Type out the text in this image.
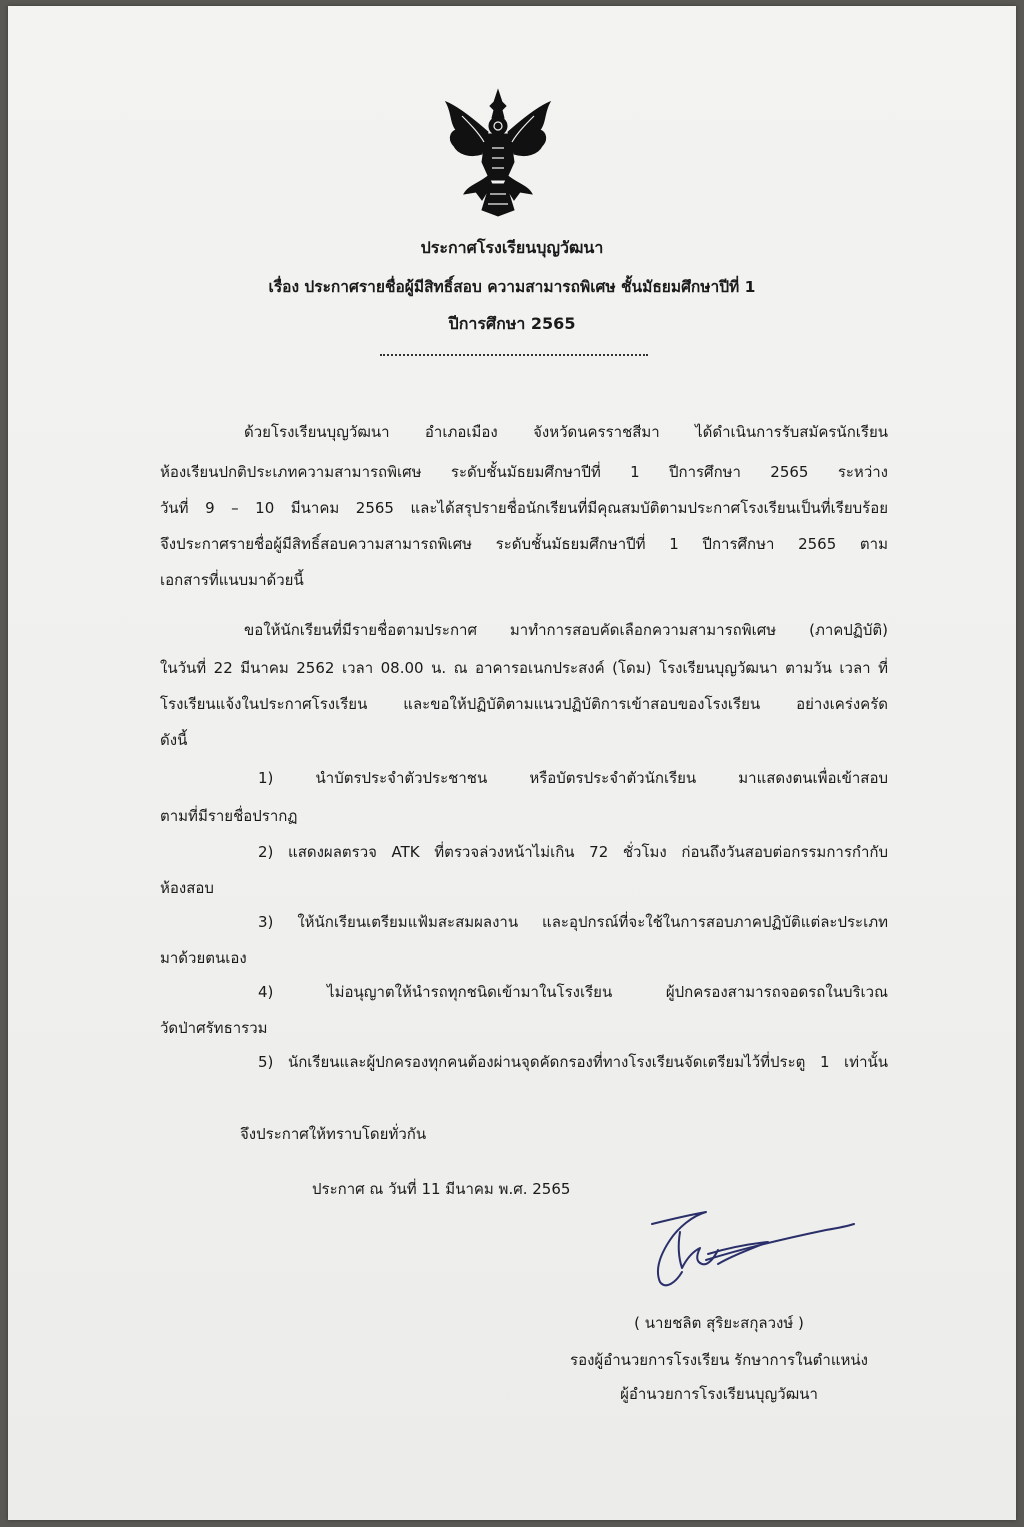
ประกาศโรงเรียนบุญวัฒนา
เรื่อง ประกาศรายชื่อผู้มีสิทธิ์สอบ ความสามารถพิเศษ ชั้นมัธยมศึกษาปีที่ 1
ปีการศึกษา 2565
ด้วยโรงเรียนบุญวัฒนา อำเภอเมือง จังหวัดนครราชสีมา ได้ดำเนินการรับสมัครนักเรียน
ห้องเรียนปกติประเภทความสามารถพิเศษ ระดับชั้นมัธยมศึกษาปีที่ 1 ปีการศึกษา 2565 ระหว่าง
วันที่ 9 – 10 มีนาคม 2565 และได้สรุปรายชื่อนักเรียนที่มีคุณสมบัติตามประกาศโรงเรียนเป็นที่เรียบร้อย
จึงประกาศรายชื่อผู้มีสิทธิ์สอบความสามารถพิเศษ ระดับชั้นมัธยมศึกษาปีที่ 1 ปีการศึกษา 2565 ตาม
เอกสารที่แนบมาด้วยนี้
ขอให้นักเรียนที่มีรายชื่อตามประกาศ มาทำการสอบคัดเลือกความสามารถพิเศษ (ภาคปฏิบัติ)
ในวันที่ 22 มีนาคม 2562 เวลา 08.00 น. ณ อาคารอเนกประสงค์ (โดม) โรงเรียนบุญวัฒนา ตามวัน เวลา ที่
โรงเรียนแจ้งในประกาศโรงเรียน และขอให้ปฏิบัติตามแนวปฏิบัติการเข้าสอบของโรงเรียน อย่างเคร่งครัด
ดังนี้
1) นำบัตรประจำตัวประชาชน หรือบัตรประจำตัวนักเรียน มาแสดงตนเพื่อเข้าสอบ
ตามที่มีรายชื่อปรากฏ
2) แสดงผลตรวจ ATK ที่ตรวจล่วงหน้าไม่เกิน 72 ชั่วโมง ก่อนถึงวันสอบต่อกรรมการกำกับ
ห้องสอบ
3) ให้นักเรียนเตรียมแฟ้มสะสมผลงาน และอุปกรณ์ที่จะใช้ในการสอบภาคปฏิบัติแต่ละประเภท
มาด้วยตนเอง
4) ไม่อนุญาตให้นำรถทุกชนิดเข้ามาในโรงเรียน ผู้ปกครองสามารถจอดรถในบริเวณ
วัดป่าศรัทธารวม
5) นักเรียนและผู้ปกครองทุกคนต้องผ่านจุดคัดกรองที่ทางโรงเรียนจัดเตรียมไว้ที่ประตู 1 เท่านั้น
จึงประกาศให้ทราบโดยทั่วกัน
ประกาศ ณ วันที่ 11 มีนาคม พ.ศ. 2565
( นายชลิต สุริยะสกุลวงษ์ )
รองผู้อำนวยการโรงเรียน รักษาการในตำแหน่ง
ผู้อำนวยการโรงเรียนบุญวัฒนา
